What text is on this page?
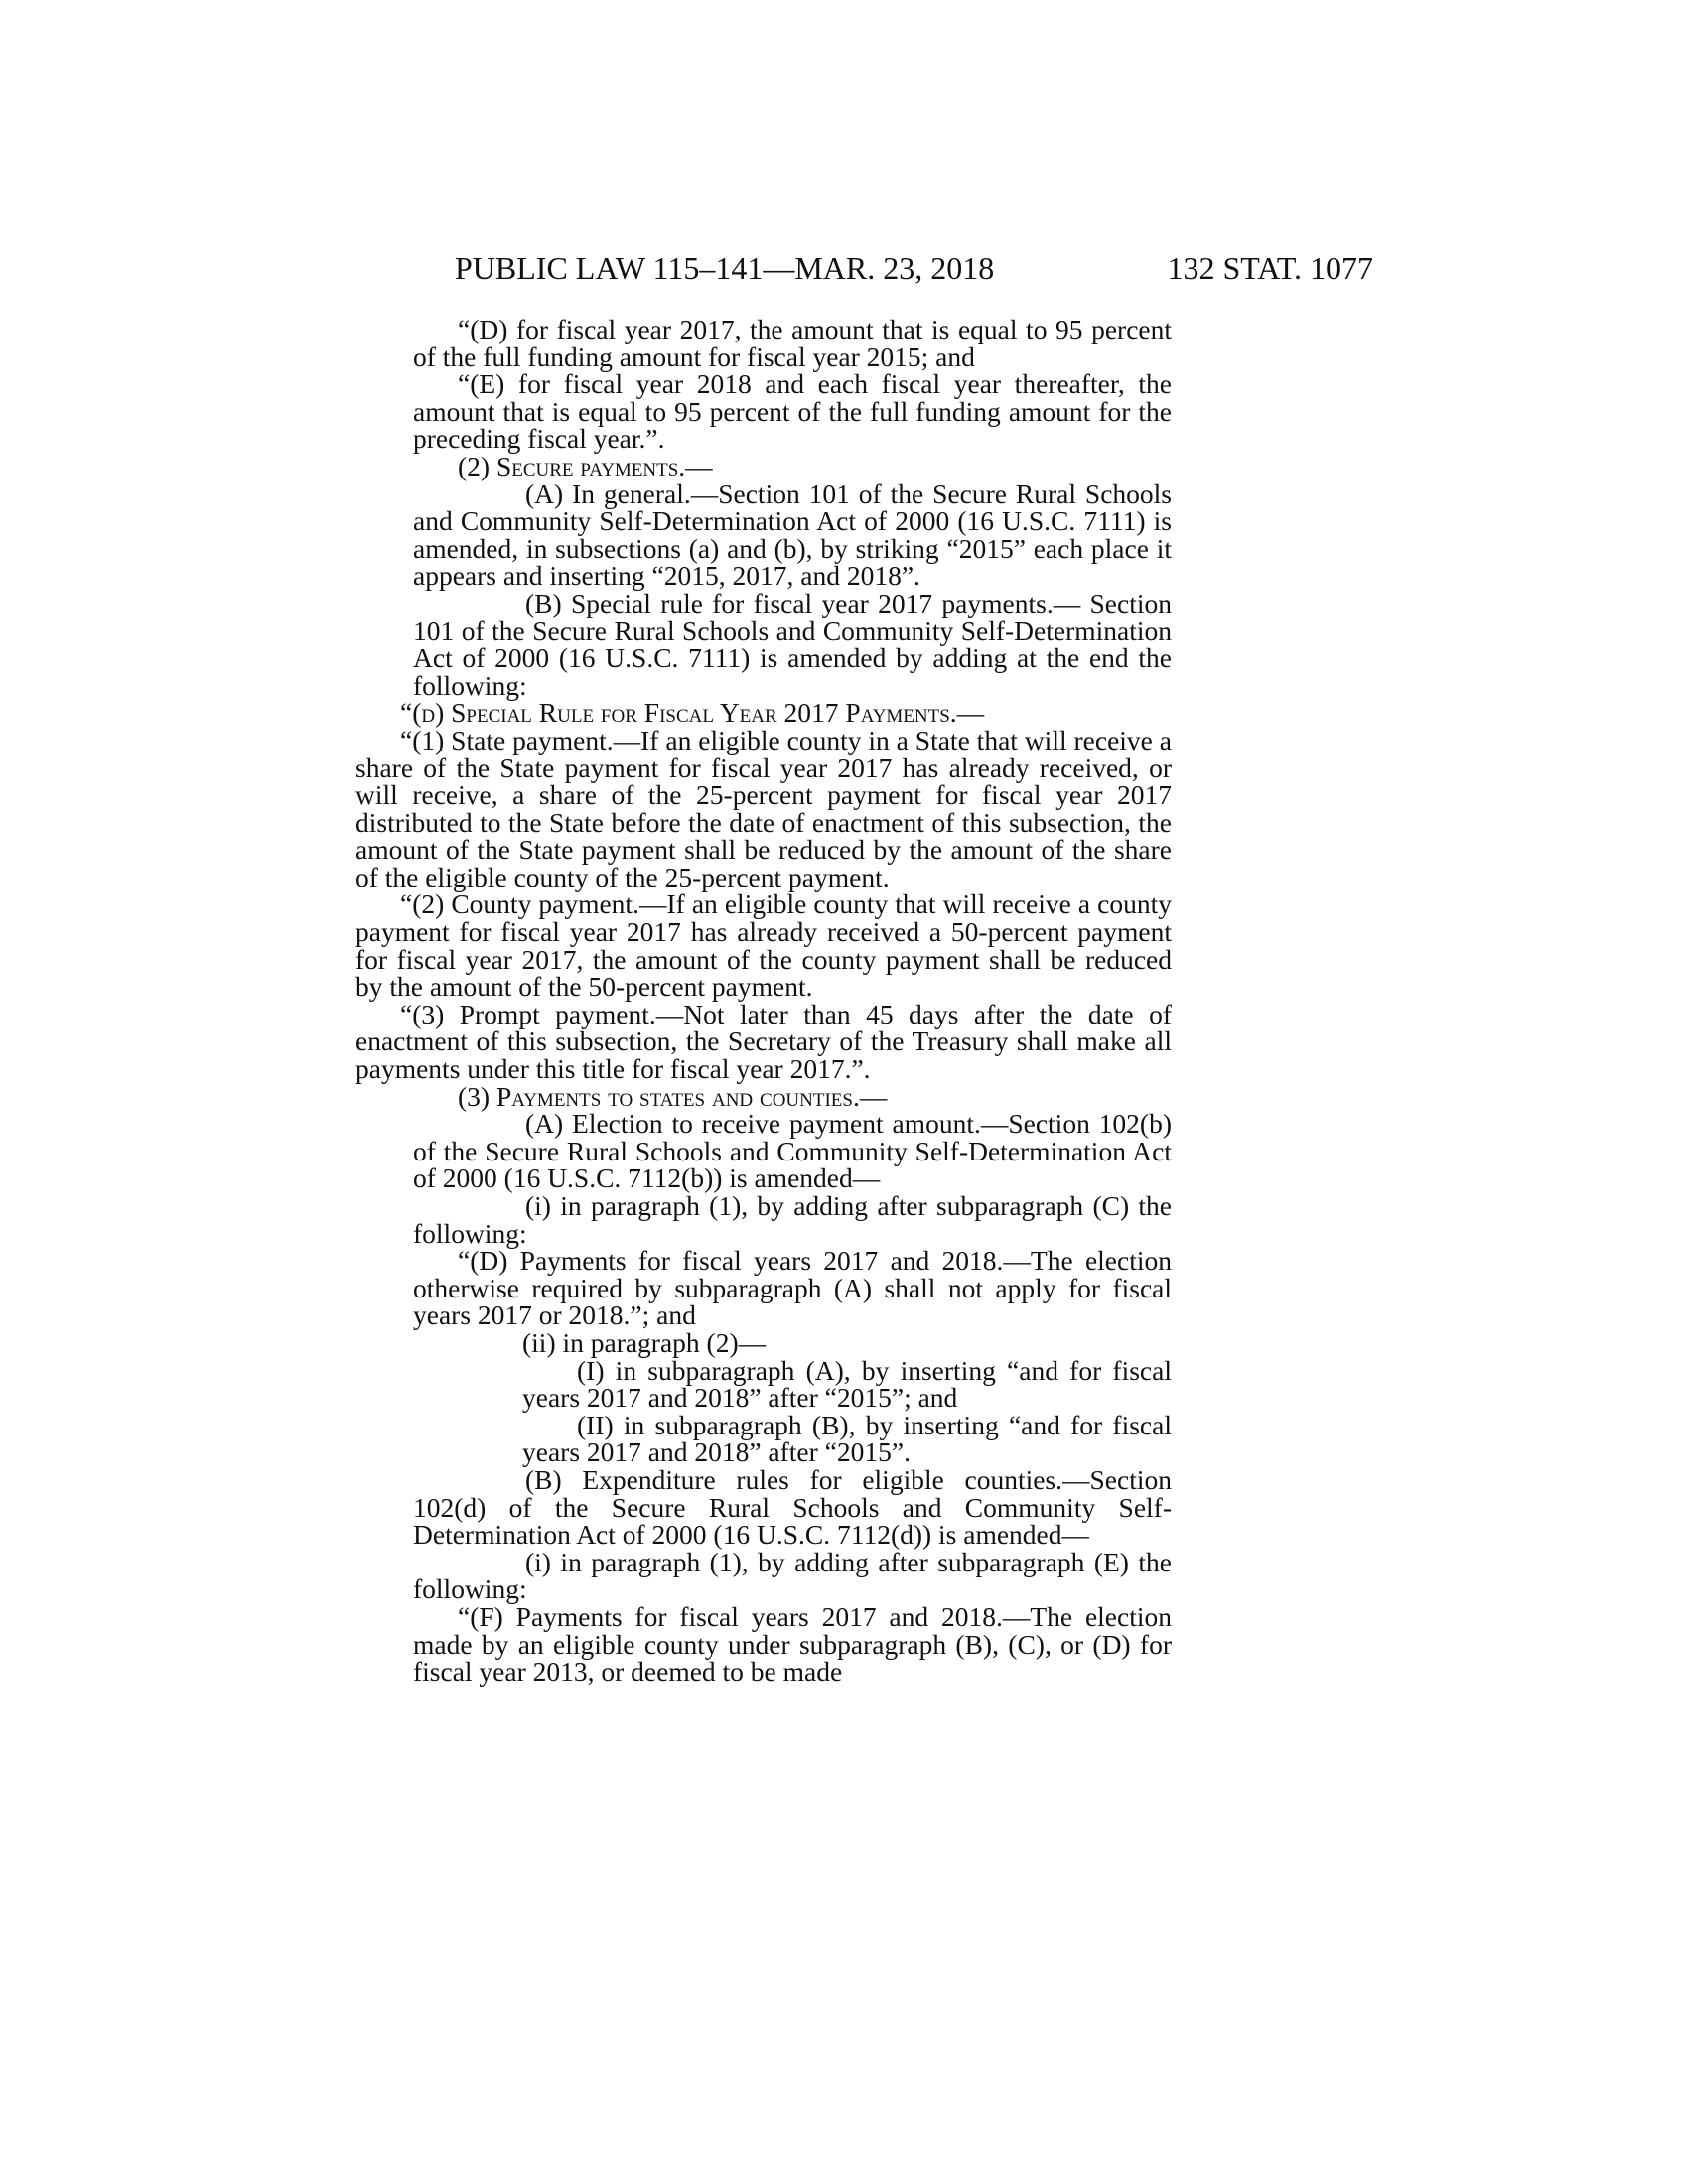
PUBLIC LAW 115–141—MAR. 23, 2018	132 STAT. 1077

“(D) for fiscal year 2017, the amount that is equal to 95 percent of the full funding amount for fiscal year 2015; and

“(E) for fiscal year 2018 and each fiscal year thereafter, the amount that is equal to 95 percent of the full funding amount for the preceding fiscal year.”.

(2) Secure payments.—

(A) In general.—Section 101 of the Secure Rural Schools and Community Self-Determination Act of 2000 (16 U.S.C. 7111) is amended, in subsections (a) and (b), by striking “2015” each place it appears and inserting “2015, 2017, and 2018”.

(B) Special rule for fiscal year 2017 payments.— Section 101 of the Secure Rural Schools and Community Self-Determination Act of 2000 (16 U.S.C. 7111) is amended by adding at the end the following:

“(d) Special Rule for Fiscal Year 2017 Payments.—

“(1) State payment.—If an eligible county in a State that will receive a share of the State payment for fiscal year 2017 has already received, or will receive, a share of the 25-percent payment for fiscal year 2017 distributed to the State before the date of enactment of this subsection, the amount of the State payment shall be reduced by the amount of the share of the eligible county of the 25-percent payment.

“(2) County payment.—If an eligible county that will receive a county payment for fiscal year 2017 has already received a 50-percent payment for fiscal year 2017, the amount of the county payment shall be reduced by the amount of the 50-percent payment.

“(3) Prompt payment.—Not later than 45 days after the date of enactment of this subsection, the Secretary of the Treasury shall make all payments under this title for fiscal year 2017.”.

(3) Payments to states and counties.—

(A) Election to receive payment amount.—Section 102(b) of the Secure Rural Schools and Community Self-Determination Act of 2000 (16 U.S.C. 7112(b)) is amended—

(i) in paragraph (1), by adding after subparagraph (C) the following:

“(D) Payments for fiscal years 2017 and 2018.—The election otherwise required by subparagraph (A) shall not apply for fiscal years 2017 or 2018.”; and

(ii) in paragraph (2)—

(I) in subparagraph (A), by inserting “and for fiscal years 2017 and 2018” after “2015”; and

(II) in subparagraph (B), by inserting “and for fiscal years 2017 and 2018” after “2015”.

(B) Expenditure rules for eligible counties.—Section 102(d) of the Secure Rural Schools and Community Self-Determination Act of 2000 (16 U.S.C. 7112(d)) is amended—

(i) in paragraph (1), by adding after subparagraph (E) the following:

“(F) Payments for fiscal years 2017 and 2018.—The election made by an eligible county under subparagraph (B), (C), or (D) for fiscal year 2013, or deemed to be made
